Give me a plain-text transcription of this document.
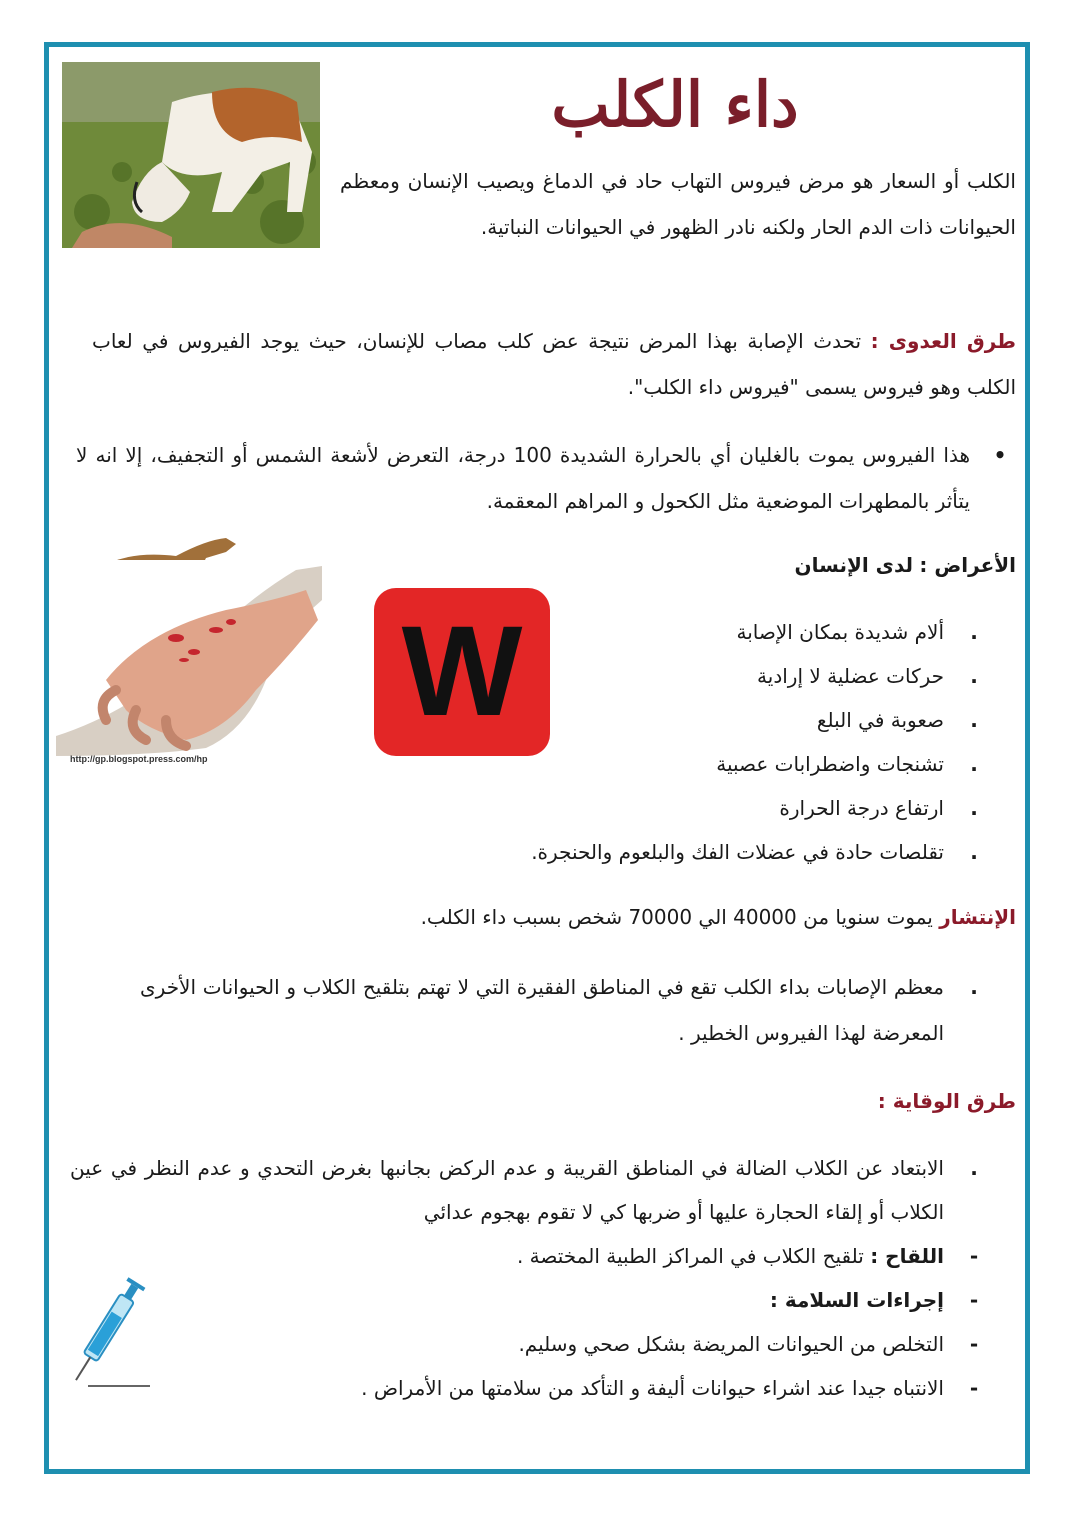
http://gp.blogspot.press.com/hp
داء الكلب
الكلب أو السعار هو مرض فيروس التهاب حاد في الدماغ ويصيب الإنسان ومعظم الحيوانات ذات الدم الحار ولكنه نادر الظهور في الحيوانات النباتية.
طرق العدوى : تحدث الإصابة بهذا المرض نتيجة عض كلب مصاب للإنسان، حيث يوجد الفيروس في لعاب الكلب وهو فيروس يسمى "فيروس داء الكلب".
•
هذا الفيروس يموت بالغليان أي بالحرارة الشديدة 100 درجة، التعرض لأشعة الشمس أو التجفيف، إلا انه لا يتأثر بالمطهرات الموضعية مثل الكحول و المراهم المعقمة.
الأعراض : لدى الإنسان
W	.
ألام شديدة بمكان الإصابة
.
حركات عضلية لا إرادية
.
صعوبة في البلع
.
تشنجات واضطرابات عصبية
.
ارتفاع درجة الحرارة
.
تقلصات حادة في عضلات الفك والبلعوم والحنجرة.
الإنتشار يموت سنويا من 40000 الي 70000 شخص بسبب داء الكلب.
.
معظم الإصابات بداء الكلب تقع في المناطق الفقيرة التي لا تهتم بتلقيح الكلاب و الحيوانات الأخرى المعرضة لهذا الفيروس الخطير .
طرق الوقاية :
.
الابتعاد عن الكلاب الضالة في المناطق القريبة و عدم الركض بجانبها بغرض التحدي و عدم النظر في عين الكلاب أو إلقاء الحجارة عليها أو ضربها كي لا تقوم بهجوم عدائي
-
اللقاح : تلقيح الكلاب في المراكز الطبية المختصة .
-
إجراءات السلامة :
-
التخلص من الحيوانات المريضة بشكل صحي وسليم.
-
الانتباه جيدا عند اشراء حيوانات أليفة و التأكد من سلامتها من الأمراض .
